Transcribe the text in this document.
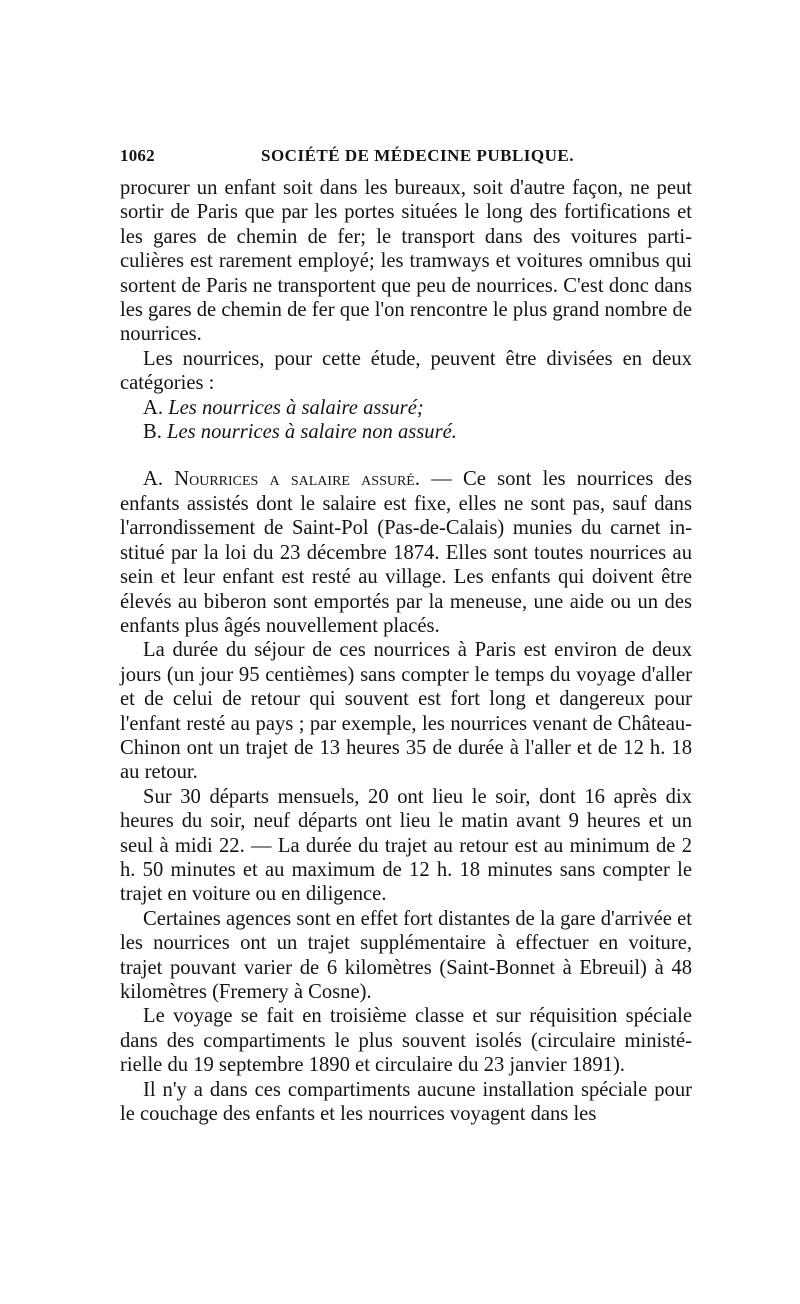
1062	SOCIÉTÉ DE MÉDECINE PUBLIQUE.

procurer un enfant soit dans les bureaux, soit d'autre façon, ne peut sortir de Paris que par les portes situées le long des fortifications et les gares de chemin de fer; le transport dans des voitures parti-culières est rarement employé; les tramways et voitures omnibus qui sortent de Paris ne transportent que peu de nourrices. C'est donc dans les gares de chemin de fer que l'on rencontre le plus grand nombre de nourrices.

Les nourrices, pour cette étude, peuvent être divisées en deux catégories :

A. Les nourrices à salaire assuré;

B. Les nourrices à salaire non assuré.

A. Nourrices a salaire assuré. — Ce sont les nourrices des enfants assistés dont le salaire est fixe, elles ne sont pas, sauf dans l'arrondissement de Saint-Pol (Pas-de-Calais) munies du carnet in-stitué par la loi du 23 décembre 1874. Elles sont toutes nourrices au sein et leur enfant est resté au village. Les enfants qui doivent être élevés au biberon sont emportés par la meneuse, une aide ou un des enfants plus âgés nouvellement placés.

La durée du séjour de ces nourrices à Paris est environ de deux jours (un jour 95 centièmes) sans compter le temps du voyage d'aller et de celui de retour qui souvent est fort long et dangereux pour l'enfant resté au pays ; par exemple, les nourrices venant de Château-Chinon ont un trajet de 13 heures 35 de durée à l'aller et de 12 h. 18 au retour.

Sur 30 départs mensuels, 20 ont lieu le soir, dont 16 après dix heures du soir, neuf départs ont lieu le matin avant 9 heures et un seul à midi 22. — La durée du trajet au retour est au minimum de 2 h. 50 minutes et au maximum de 12 h. 18 minutes sans compter le trajet en voiture ou en diligence.

Certaines agences sont en effet fort distantes de la gare d'arrivée et les nourrices ont un trajet supplémentaire à effectuer en voiture, trajet pouvant varier de 6 kilomètres (Saint-Bonnet à Ebreuil) à 48 kilomètres (Fremery à Cosne).

Le voyage se fait en troisième classe et sur réquisition spéciale dans des compartiments le plus souvent isolés (circulaire ministé-rielle du 19 septembre 1890 et circulaire du 23 janvier 1891).

Il n'y a dans ces compartiments aucune installation spéciale pour le couchage des enfants et les nourrices voyagent dans les
